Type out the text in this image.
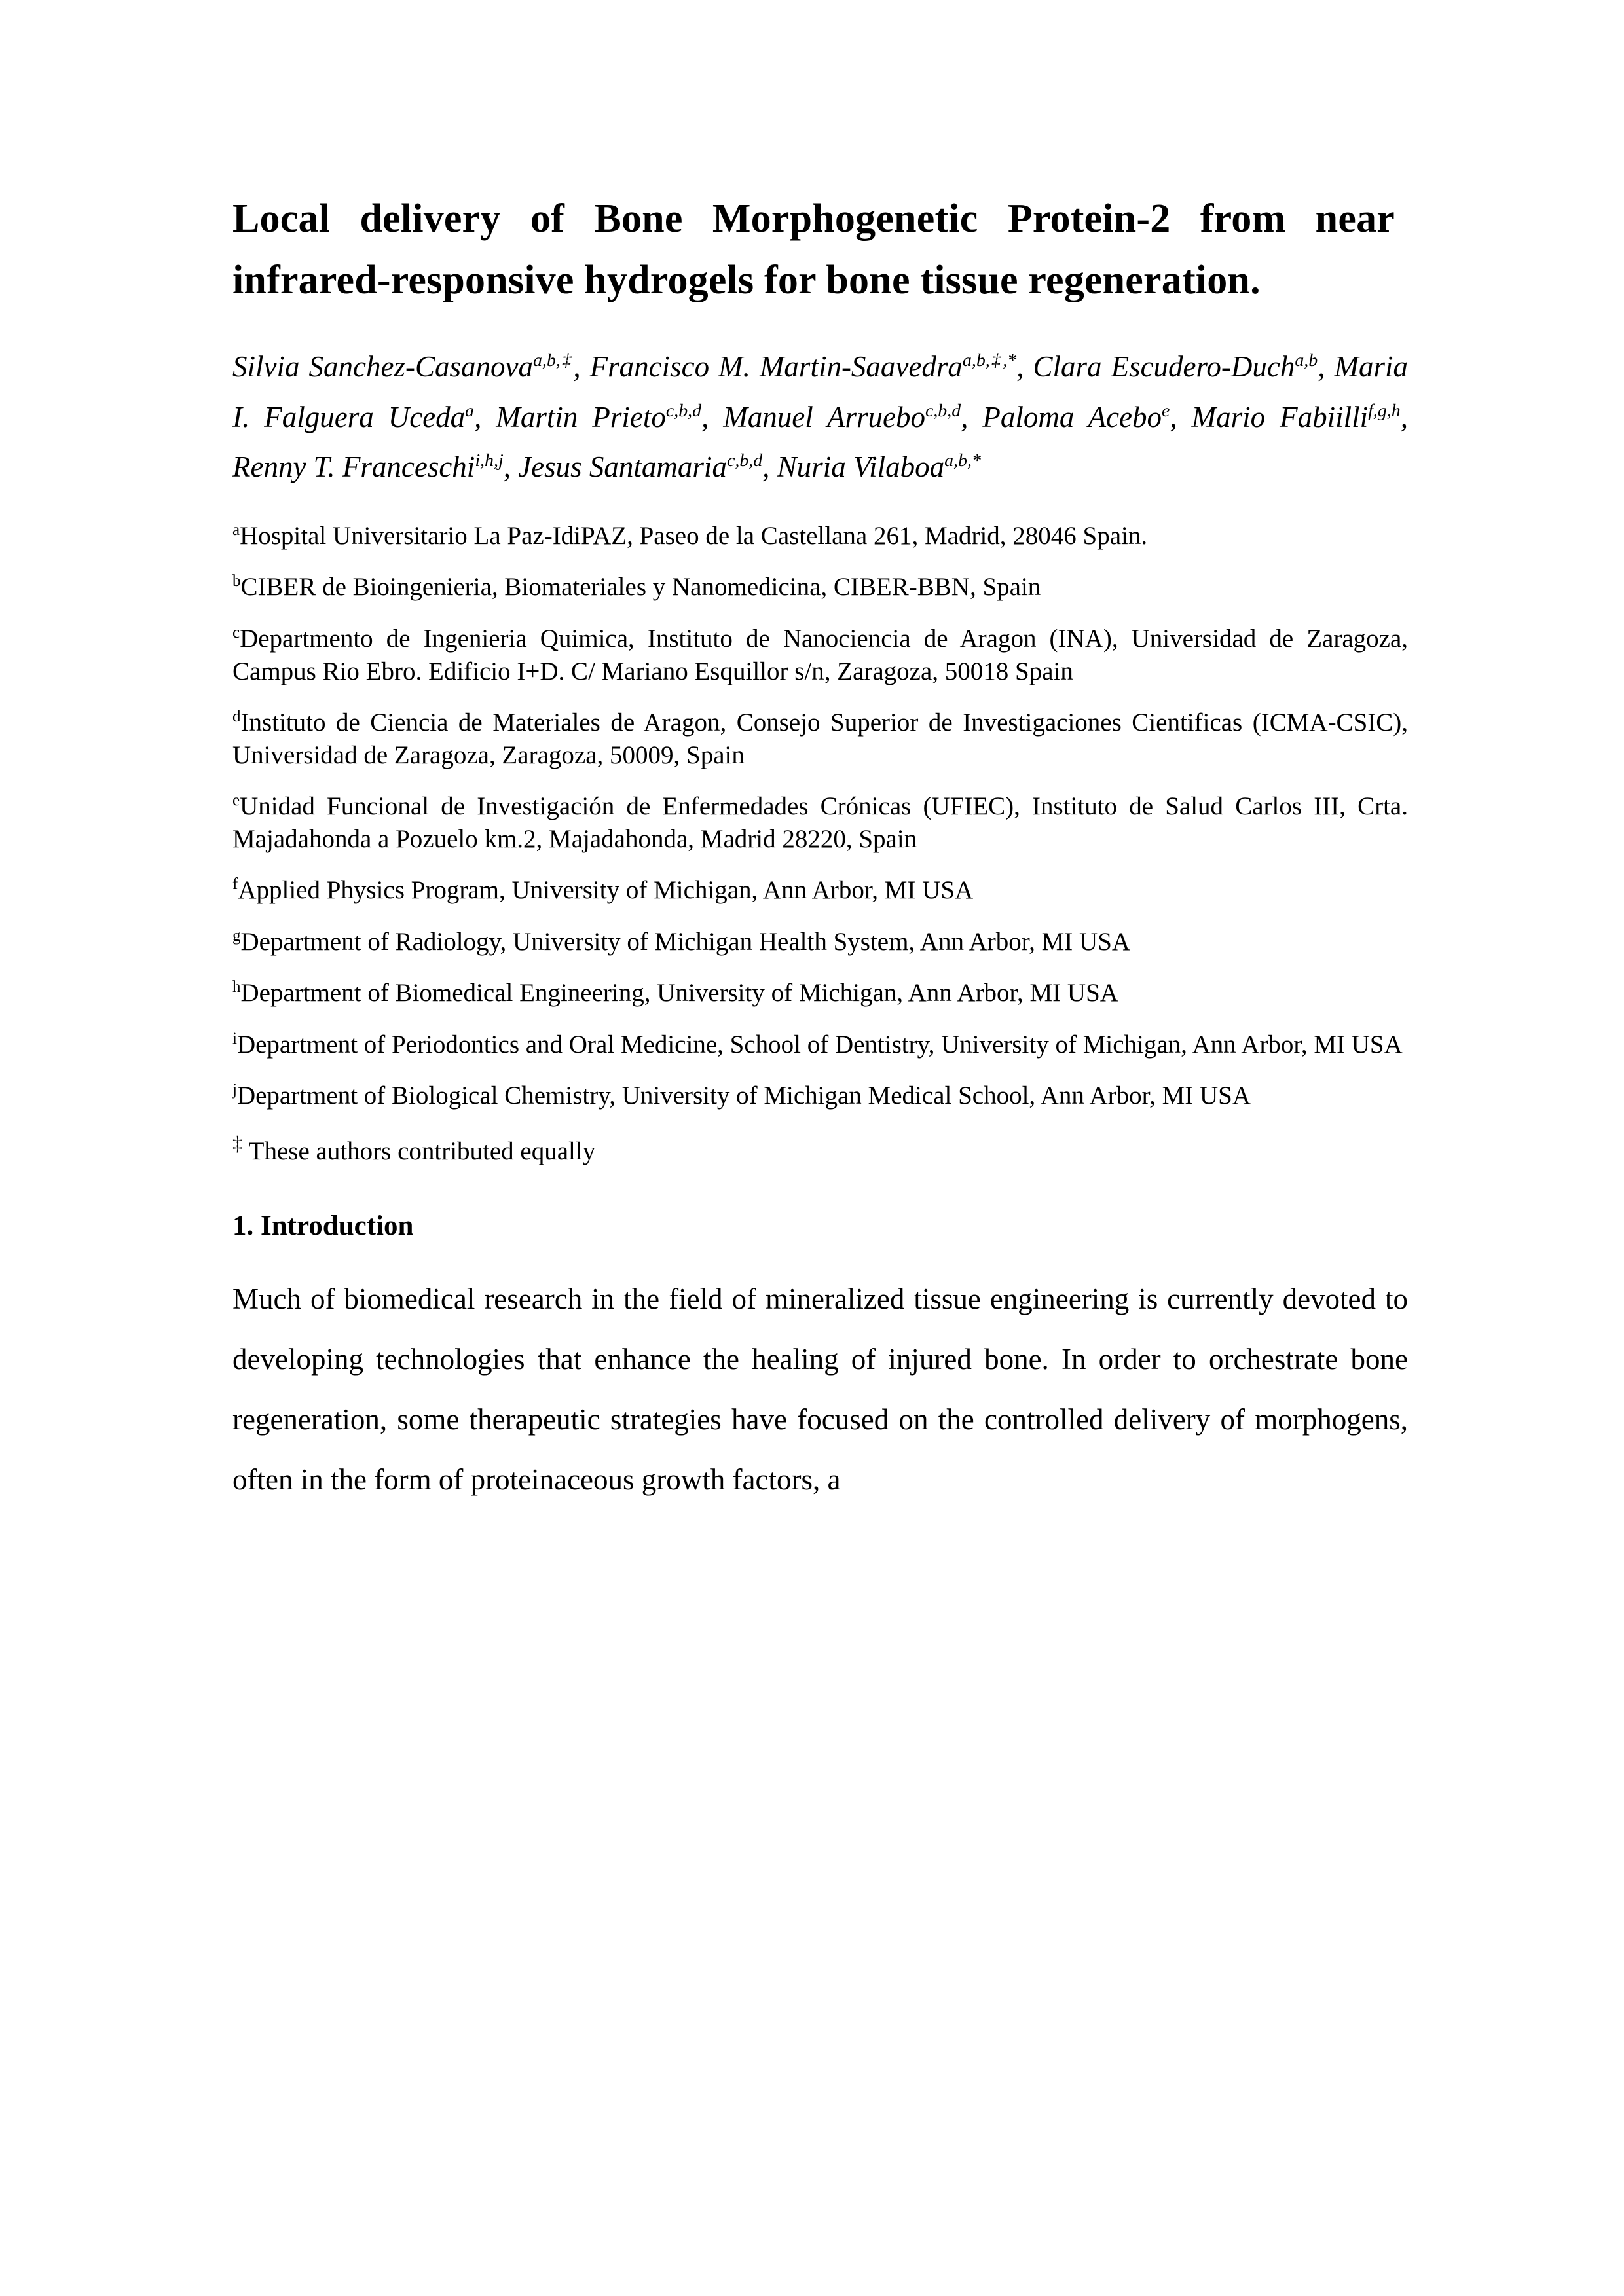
Local delivery of Bone Morphogenetic Protein-2 from near infrared-responsive hydrogels for bone tissue regeneration.

Silvia Sanchez-Casanova$^{a,b,\ddagger}$, Francisco M. Martin-Saavedra$^{a,b,\ddagger,*}$, Clara Escudero-Duch$^{a,b}$, Maria I. Falguera Uceda$^a$, Martin Prieto$^{c,b,d}$, Manuel Arruebo$^{c,b,d}$, Paloma Acebo$^e$, Mario Fabiilli$^{f,g,h}$, Renny T. Franceschi$^{i,h,j}$, Jesus Santamaria$^{c,b,d}$, Nuria Vilaboa$^{a,b,*}$

$^a$Hospital Universitario La Paz-IdiPAZ, Paseo de la Castellana 261, Madrid, 28046 Spain.

$^b$CIBER de Bioingenieria, Biomateriales y Nanomedicina, CIBER-BBN, Spain

$^c$Departmento de Ingenieria Quimica, Instituto de Nanociencia de Aragon (INA), Universidad de Zaragoza, Campus Rio Ebro. Edificio I+D. C/ Mariano Esquillor s/n, Zaragoza, 50018 Spain

$^d$Instituto de Ciencia de Materiales de Aragon, Consejo Superior de Investigaciones Cientificas (ICMA-CSIC), Universidad de Zaragoza, Zaragoza, 50009, Spain

$^e$Unidad Funcional de Investigación de Enfermedades Crónicas (UFIEC), Instituto de Salud Carlos III, Crta. Majadahonda a Pozuelo km.2, Majadahonda, Madrid 28220, Spain

$^f$Applied Physics Program, University of Michigan, Ann Arbor, MI USA

$^g$Department of Radiology, University of Michigan Health System, Ann Arbor, MI USA

$^h$Department of Biomedical Engineering, University of Michigan, Ann Arbor, MI USA

$^i$Department of Periodontics and Oral Medicine, School of Dentistry, University of Michigan, Ann Arbor, MI USA

$^j$Department of Biological Chemistry, University of Michigan Medical School, Ann Arbor, MI USA

‡ These authors contributed equally

1. Introduction

Much of biomedical research in the field of mineralized tissue engineering is currently devoted to developing technologies that enhance the healing of injured bone. In order to orchestrate bone regeneration, some therapeutic strategies have focused on the controlled delivery of morphogens, often in the form of proteinaceous growth factors, a
